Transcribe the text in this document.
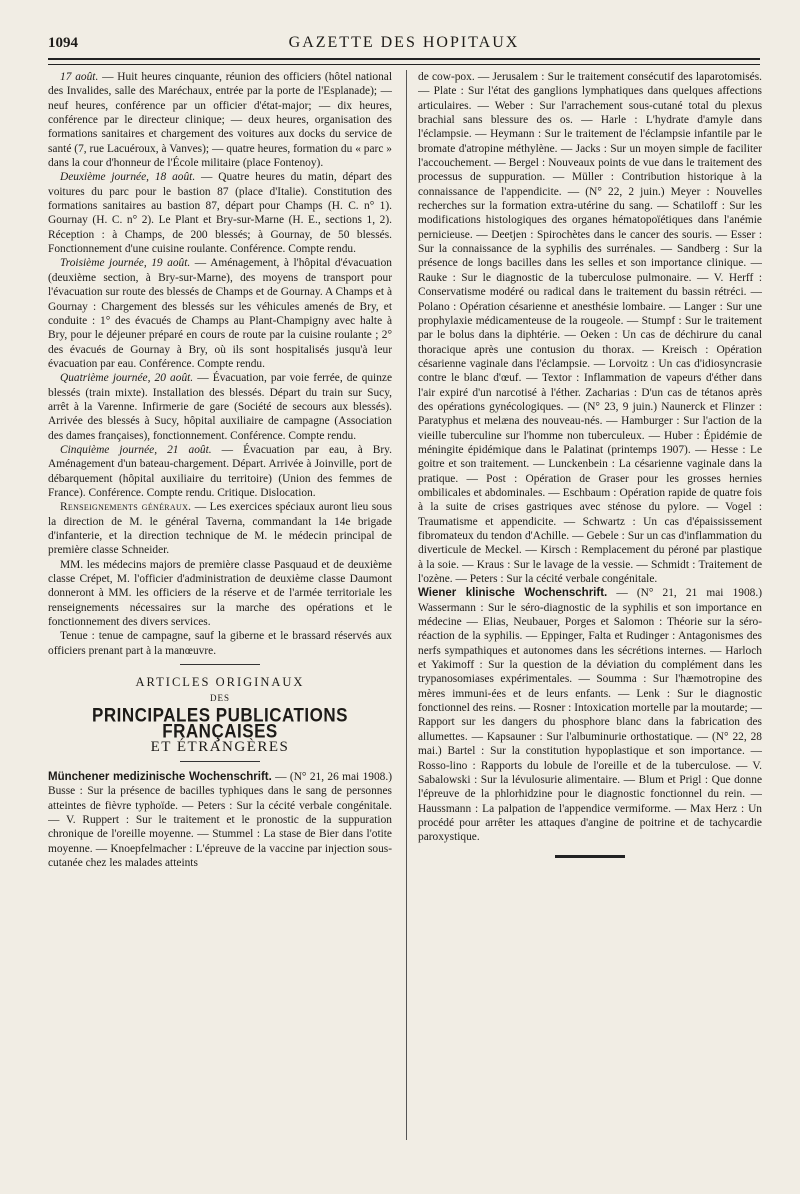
1094	GAZETTE DES HOPITAUX

17 août. — Huit heures cinquante, réunion des officiers (hôtel national des Invalides, salle des Maréchaux, entrée par la porte de l'Esplanade); — neuf heures, conférence par un officier d'état-major; — dix heures, conférence par le directeur clinique; — deux heures, organisation des formations sanitaires et chargement des voitures aux docks du service de santé (7, rue Lacuéroux, à Vanves); — quatre heures, formation du « parc » dans la cour d'honneur de l'École militaire (place Fontenoy).

Deuxième journée, 18 août. — Quatre heures du matin, départ des voitures du parc pour le bastion 87 (place d'Italie). Constitution des formations sanitaires au bastion 87, départ pour Champs (H. C. n° 1). Gournay (H. C. n° 2). Le Plant et Bry-sur-Marne (H. E., sections 1, 2). Réception : à Champs, de 200 blessés; à Gournay, de 50 blessés. Fonctionnement d'une cuisine roulante. Conférence. Compte rendu.

Troisième journée, 19 août. — Aménagement, à l'hôpital d'évacuation (deuxième section, à Bry-sur-Marne), des moyens de transport pour l'évacuation sur route des blessés de Champs et de Gournay. A Champs et à Gournay : Chargement des blessés sur les véhicules amenés de Bry, et conduite : 1° des évacués de Champs au Plant-Champigny avec halte à Bry, pour le déjeuner préparé en cours de route par la cuisine roulante ; 2° des évacués de Gournay à Bry, où ils sont hospitalisés jusqu'à leur évacuation par eau. Conférence. Compte rendu.

Quatrième journée, 20 août. — Évacuation, par voie ferrée, de quinze blessés (train mixte). Installation des blessés. Départ du train sur Sucy, arrêt à la Varenne. Infirmerie de gare (Société de secours aux blessés). Arrivée des blessés à Sucy, hôpital auxiliaire de campagne (Association des dames françaises), fonctionnement. Conférence. Compte rendu.

Cinquième journée, 21 août. — Évacuation par eau, à Bry. Aménagement d'un bateau-chargement. Départ. Arrivée à Joinville, port de débarquement (hôpital auxiliaire du territoire) (Union des femmes de France). Conférence. Compte rendu. Critique. Dislocation.

Renseignements généraux. — Les exercices spéciaux auront lieu sous la direction de M. le général Taverna, commandant la 14e brigade d'infanterie, et la direction technique de M. le médecin principal de première classe Schneider.

MM. les médecins majors de première classe Pasquaud et de deuxième classe Crépet, M. l'officier d'administration de deuxième classe Daumont donneront à MM. les officiers de la réserve et de l'armée territoriale les renseignements nécessaires sur la marche des opérations et le fonctionnement des divers services.

Tenue : tenue de campagne, sauf la giberne et le brassard réservés aux officiers prenant part à la manœuvre.

ARTICLES ORIGINAUX
DES
PRINCIPALES PUBLICATIONS FRANÇAISES
ET ÉTRANGÈRES

Münchener medizinische Wochenschrift. — (N° 21, 26 mai 1908.) Busse : Sur la présence de bacilles typhiques dans le sang de personnes atteintes de fièvre typhoïde. — Peters : Sur la cécité verbale congénitale. — V. Ruppert : Sur le traitement et le pronostic de la suppuration chronique de l'oreille moyenne. — Stummel : La stase de Bier dans l'otite moyenne. — Knoepfelmacher : L'épreuve de la vaccine par injection sous-cutanée chez les malades atteints

de cow-pox. — Jerusalem : Sur le traitement consécutif des laparotomisés. — Plate : Sur l'état des ganglions lymphatiques dans quelques affections articulaires. — Weber : Sur l'arrachement sous-cutané total du plexus brachial sans blessure des os. — Harle : L'hydrate d'amyle dans l'éclampsie. — Heymann : Sur le traitement de l'éclampsie infantile par le bromate d'atropine méthylène. — Jacks : Sur un moyen simple de faciliter l'accouchement. — Bergel : Nouveaux points de vue dans le traitement des processus de suppuration. — Müller : Contribution historique à la connaissance de l'appendicite. — (N° 22, 2 juin.) Meyer : Nouvelles recherches sur la formation extra-utérine du sang. — Schatiloff : Sur les modifications histologiques des organes hématopoïétiques dans l'anémie pernicieuse. — Deetjen : Spirochètes dans le cancer des souris. — Esser : Sur la connaissance de la syphilis des surrénales. — Sandberg : Sur la présence de longs bacilles dans les selles et son importance clinique. — Rauke : Sur le diagnostic de la tuberculose pulmonaire. — V. Herff : Conservatisme modéré ou radical dans le traitement du bassin rétréci. — Polano : Opération césarienne et anesthésie lombaire. — Langer : Sur une prophylaxie médicamenteuse de la rougeole. — Stumpf : Sur le traitement par le bolus dans la diphtérie. — Oeken : Un cas de déchirure du canal thoracique après une contusion du thorax. — Kreisch : Opération césarienne vaginale dans l'éclampsie. — Lorvoitz : Un cas d'idiosyncrasie contre le blanc d'œuf. — Textor : Inflammation de vapeurs d'éther dans l'air expiré d'un narcotisé à l'éther. Zacharias : D'un cas de tétanos après des opérations gynécologiques. — (N° 23, 9 juin.) Naunerck et Flinzer : Paratyphus et melæna des nouveau-nés. — Hamburger : Sur l'action de la vieille tuberculine sur l'homme non tuberculeux. — Huber : Épidémie de méningite épidémique dans le Palatinat (printemps 1907). — Hesse : Le goitre et son traitement. — Lunckenbein : La césarienne vaginale dans la pratique. — Post : Opération de Graser pour les grosses hernies ombilicales et abdominales. — Eschbaum : Opération rapide de quatre fois à la suite de crises gastriques avec sténose du pylore. — Vogel : Traumatisme et appendicite. — Schwartz : Un cas d'épaississement fibromateux du tendon d'Achille. — Gebele : Sur un cas d'inflammation du diverticule de Meckel. — Kirsch : Remplacement du péroné par plastique à la soie. — Kraus : Sur le lavage de la vessie. — Schmidt : Traitement de l'ozène. — Peters : Sur la cécité verbale congénitale.

Wiener klinische Wochenschrift. — (N° 21, 21 mai 1908.) Wassermann : Sur le séro-diagnostic de la syphilis et son importance en médecine — Elias, Neubauer, Porges et Salomon : Théorie sur la séro-réaction de la syphilis. — Eppinger, Falta et Rudinger : Antagonismes des nerfs sympathiques et autonomes dans les sécrétions internes. — Harloch et Yakimoff : Sur la question de la déviation du complément dans les trypanosomiases expérimentales. — Soumma : Sur l'hæmotropine des mères immuni-ées et de leurs enfants. — Lenk : Sur le diagnostic fonctionnel des reins. — Rosner : Intoxication mortelle par la moutarde; — Rapport sur les dangers du phosphore blanc dans la fabrication des allumettes. — Kapsauner : Sur l'albuminurie orthostatique. — (N° 22, 28 mai.) Bartel : Sur la constitution hypoplastique et son importance. — Rosso-lino : Rapports du lobule de l'oreille et de la tuberculose. — V. Sabalowski : Sur la lévulosurie alimentaire. — Blum et Prigl : Que donne l'épreuve de la phlorhidzine pour le diagnostic fonctionnel du rein. — Haussmann : La palpation de l'appendice vermiforme. — Max Herz : Un procédé pour arrêter les attaques d'angine de poitrine et de tachycardie paroxystique.
